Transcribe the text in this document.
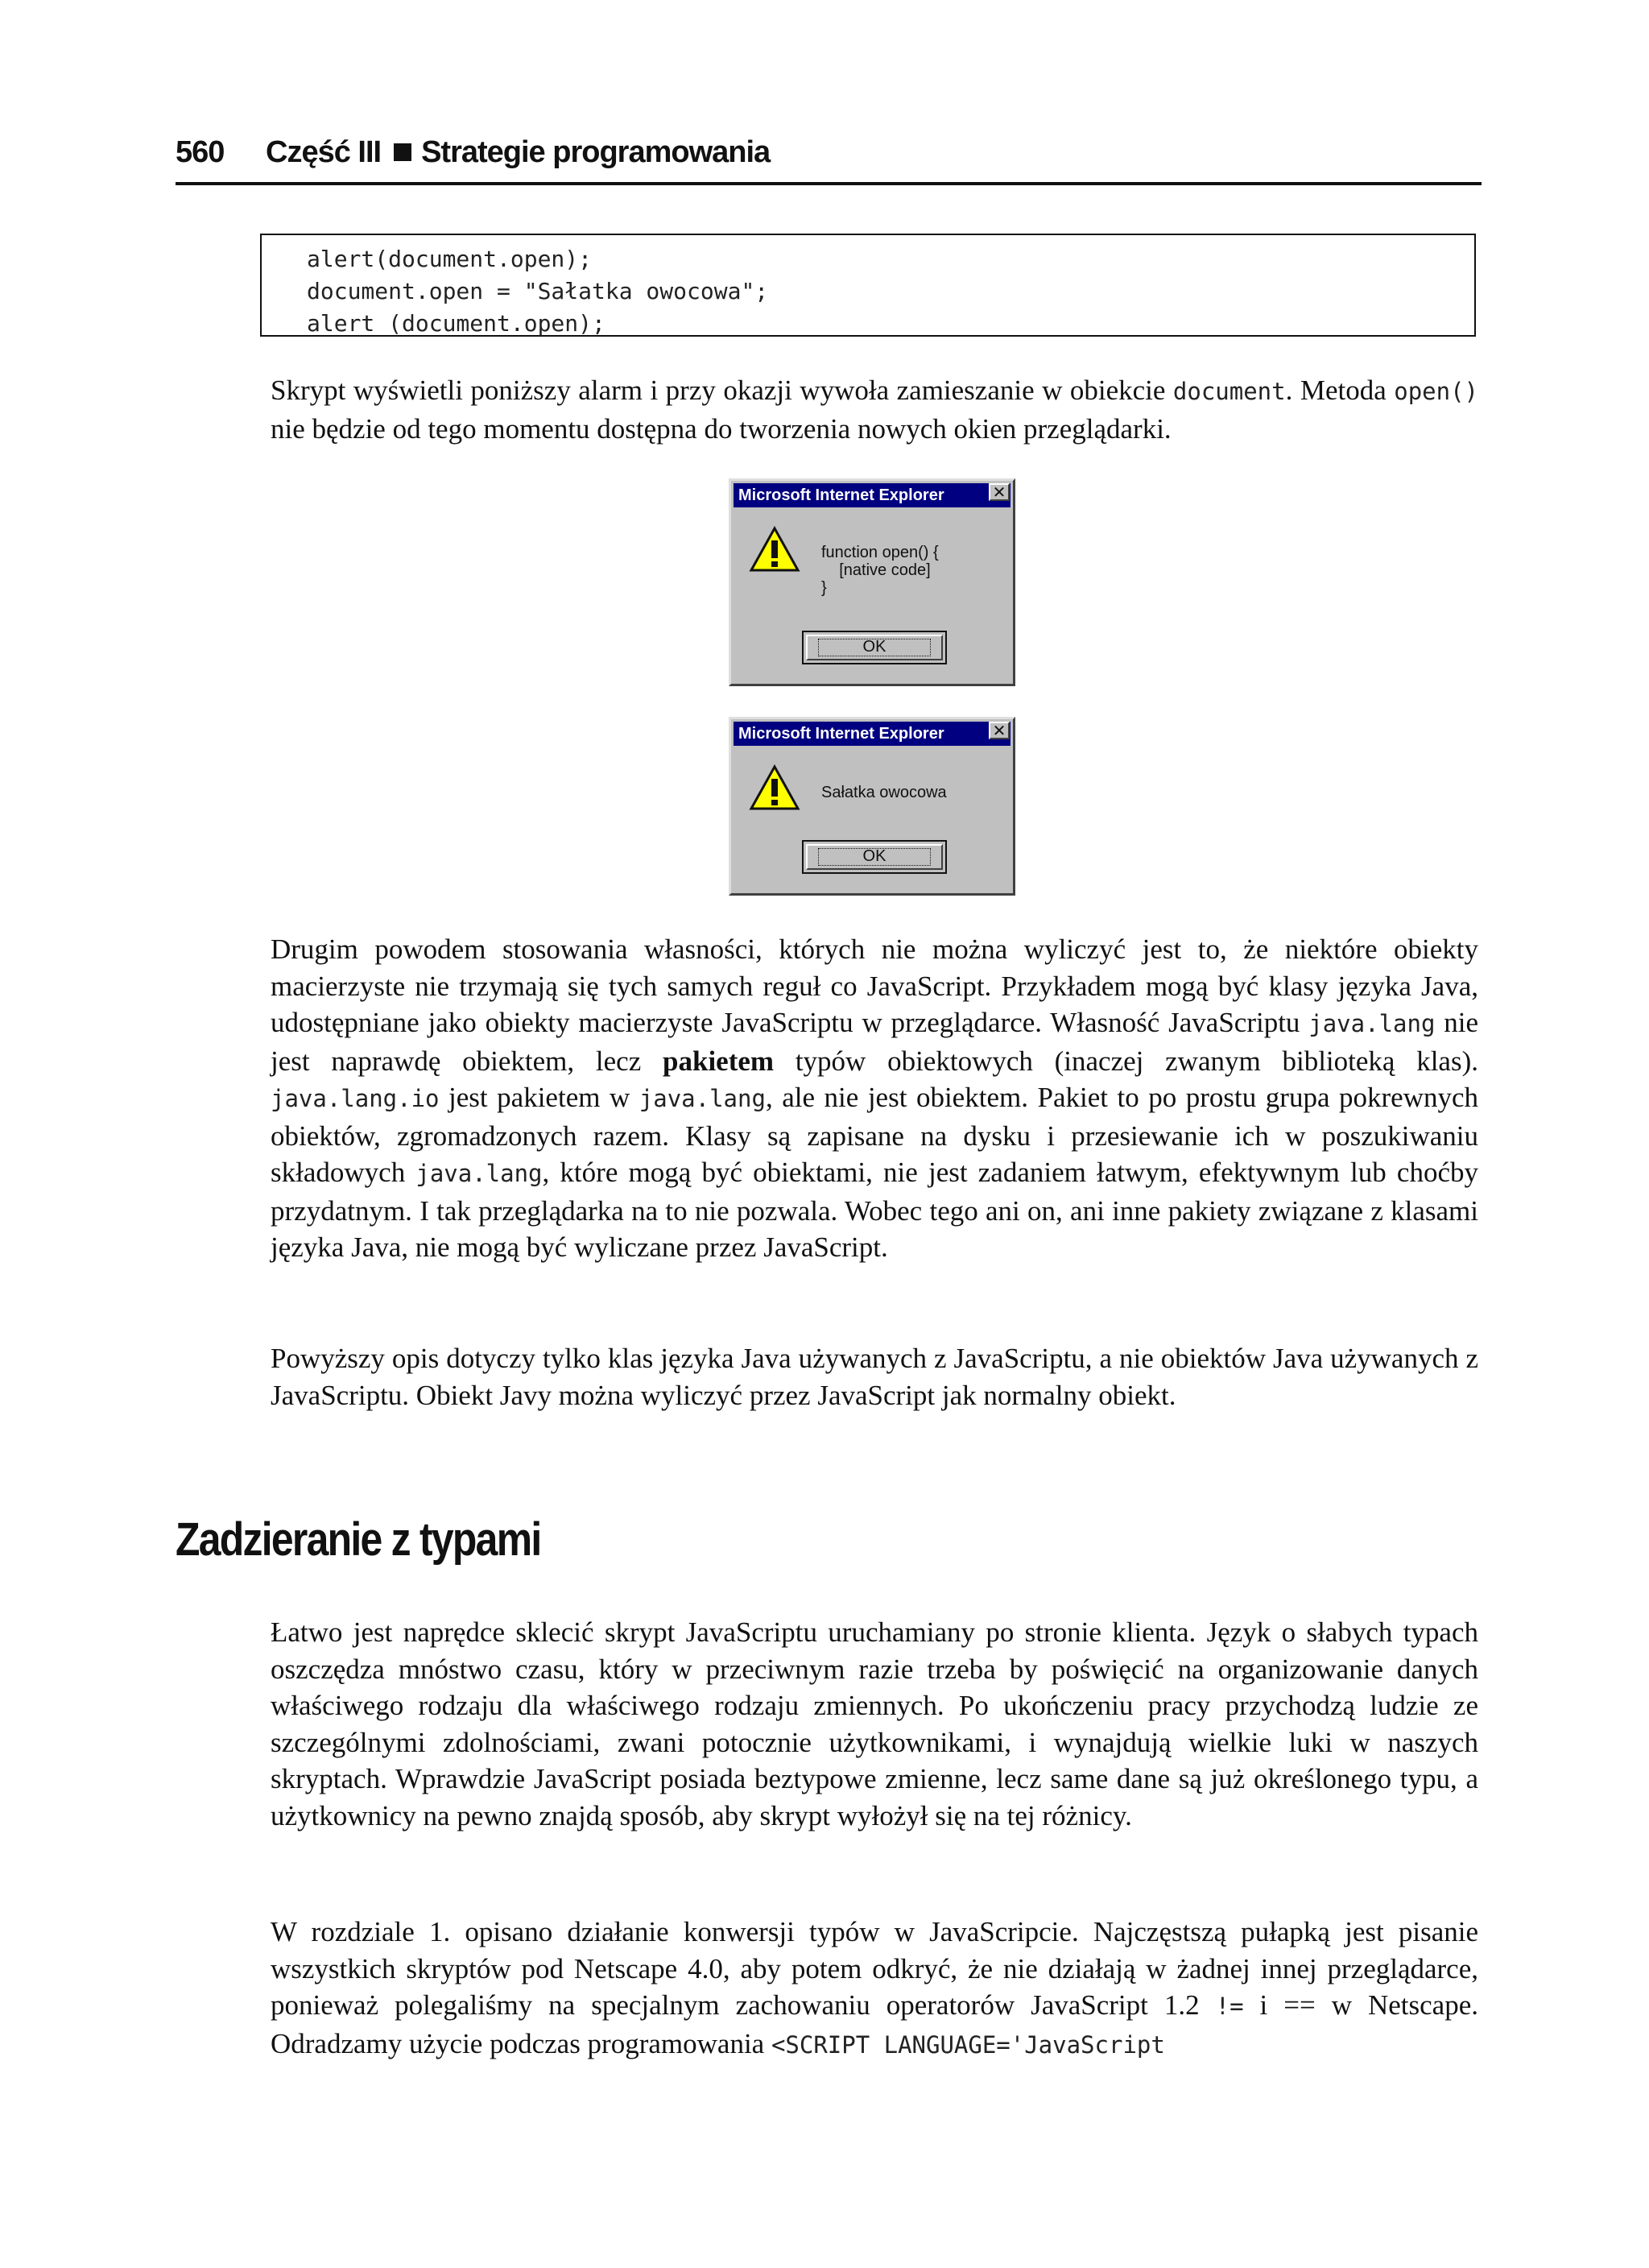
560 Część III Strategie programowania
alert(document.open);
document.open = "Sałatka owocowa";
alert (document.open);
Skrypt wyświetli poniższy alarm i przy okazji wywoła zamieszanie w obiekcie document. Metoda open() nie będzie od tego momentu dostępna do tworzenia nowych okien przeglądarki.
Microsoft Internet Explorer	✕
function open() {
[native code]
}
OK
Microsoft Internet Explorer	✕
Sałatka owocowa
OK
Drugim powodem stosowania własności, których nie można wyliczyć jest to, że niektóre obiekty macierzyste nie trzymają się tych samych reguł co JavaScript. Przykładem mogą być klasy języka Java, udostępniane jako obiekty macierzyste JavaScriptu w przeglądarce. Własność JavaScriptu java.lang nie jest naprawdę obiektem, lecz pakietem typów obiektowych (inaczej zwanym biblioteką klas). java.lang.io jest pakietem w java.lang, ale nie jest obiektem. Pakiet to po prostu grupa pokrewnych obiektów, zgromadzonych razem. Klasy są zapisane na dysku i przesiewanie ich w poszukiwaniu składowych java.lang, które mogą być obiektami, nie jest zadaniem łatwym, efektywnym lub choćby przydatnym. I tak przeglądarka na to nie pozwala. Wobec tego ani on, ani inne pakiety związane z klasami języka Java, nie mogą być wyliczane przez JavaScript.
Powyższy opis dotyczy tylko klas języka Java używanych z JavaScriptu, a nie obiektów Java używanych z JavaScriptu. Obiekt Javy można wyliczyć przez JavaScript jak normalny obiekt.
Zadzieranie z typami
Łatwo jest naprędce sklecić skrypt JavaScriptu uruchamiany po stronie klienta. Język o słabych typach oszczędza mnóstwo czasu, który w przeciwnym razie trzeba by poświęcić na organizowanie danych właściwego rodzaju dla właściwego rodzaju zmiennych. Po ukończeniu pracy przychodzą ludzie ze szczególnymi zdolnościami, zwani potocznie użytkownikami, i wynajdują wielkie luki w naszych skryptach. Wprawdzie JavaScript posiada beztypowe zmienne, lecz same dane są już określonego typu, a użytkownicy na pewno znajdą sposób, aby skrypt wyłożył się na tej różnicy.
W rozdziale 1. opisano działanie konwersji typów w JavaScripcie. Najczęstszą pułapką jest pisanie wszystkich skryptów pod Netscape 4.0, aby potem odkryć, że nie działają w żadnej innej przeglądarce, ponieważ polegaliśmy na specjalnym zachowaniu operatorów JavaScript 1.2 != i == w Netscape. Odradzamy użycie podczas programowania <SCRIPT LANGUAGE='JavaScript
